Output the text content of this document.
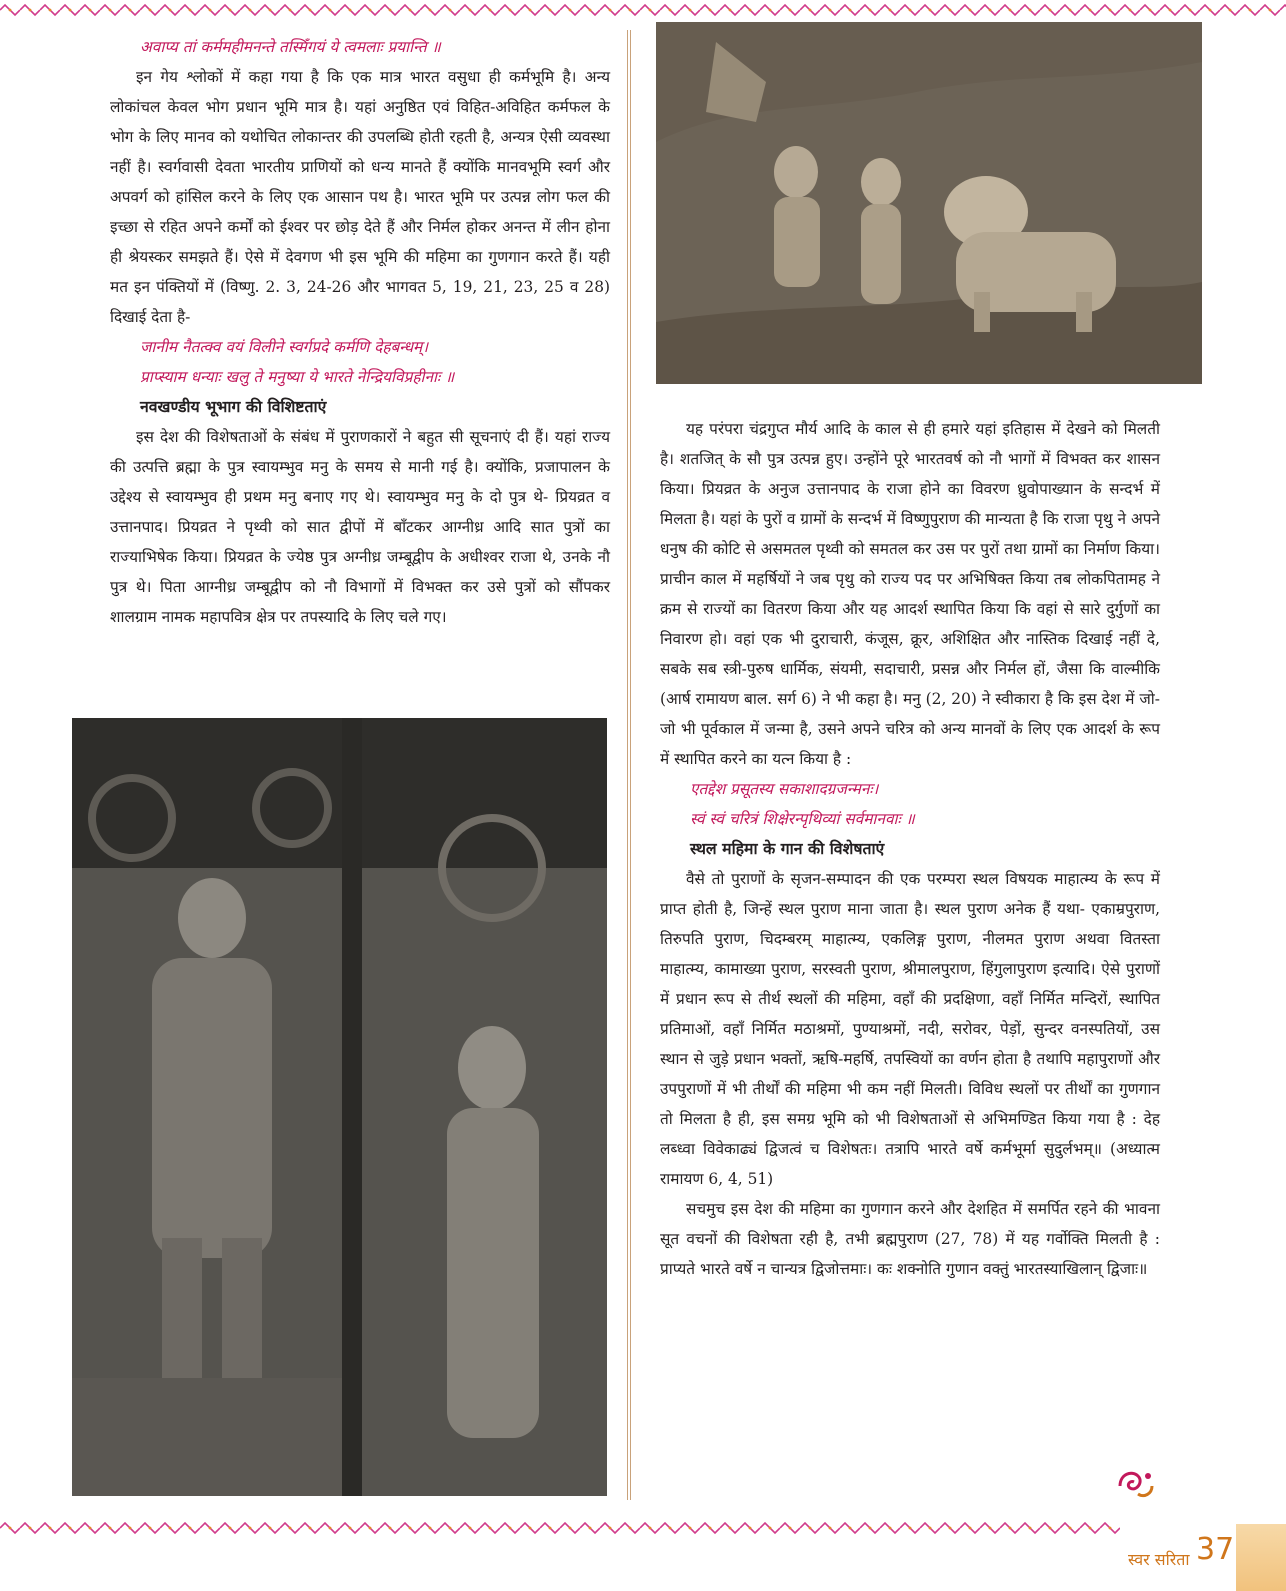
अवाप्य तां कर्ममहीमनन्ते तस्मिँगयं ये त्वमलाः प्रयान्ति ॥

इन गेय श्लोकों में कहा गया है कि एक मात्र भारत वसुधा ही कर्मभूमि है। अन्य लोकांचल केवल भोग प्रधान भूमि मात्र है। यहां अनुष्ठित एवं विहित-अविहित कर्मफल के भोग के लिए मानव को यथोचित लोकान्तर की उपलब्धि होती रहती है, अन्यत्र ऐसी व्यवस्था नहीं है। स्वर्गवासी देवता भारतीय प्राणियों को धन्य मानते हैं क्योंकि मानवभूमि स्वर्ग और अपवर्ग को हांसिल करने के लिए एक आसान पथ है। भारत भूमि पर उत्पन्न लोग फल की इच्छा से रहित अपने कर्मों को ईश्वर पर छोड़ देते हैं और निर्मल होकर अनन्त में लीन होना ही श्रेयस्कर समझते हैं। ऐसे में देवगण भी इस भूमि की महिमा का गुणगान करते हैं। यही मत इन पंक्तियों में (विष्णु. 2. 3, 24-26 और भागवत 5, 19, 21, 23, 25 व 28) दिखाई देता है-

जानीम नैतत्क्व वयं विलीने स्वर्गप्रदे कर्मणि देहबन्धम्।

प्राप्स्याम धन्याः खलु ते मनुष्या ये भारते नेन्द्रियविप्रहीनाः ॥

नवखण्डीय भूभाग की विशिष्टताएं

इस देश की विशेषताओं के संबंध में पुराणकारों ने बहुत सी सूचनाएं दी हैं। यहां राज्य की उत्पत्ति ब्रह्मा के पुत्र स्वायम्भुव मनु के समय से मानी गई है। क्योंकि, प्रजापालन के उद्देश्य से स्वायम्भुव ही प्रथम मनु बनाए गए थे। स्वायम्भुव मनु के दो पुत्र थे- प्रियव्रत व उत्तानपाद। प्रियव्रत ने पृथ्वी को सात द्वीपों में बाँटकर आग्नीध्र आदि सात पुत्रों का राज्याभिषेक किया। प्रियव्रत के ज्येष्ठ पुत्र अग्नीध्र जम्बूद्वीप के अधीश्वर राजा थे, उनके नौ पुत्र थे। पिता आग्नीध्र जम्बूद्वीप को नौ विभागों में विभक्त कर उसे पुत्रों को सौंपकर शालग्राम नामक महापवित्र क्षेत्र पर तपस्यादि के लिए चले गए।

यह परंपरा चंद्रगुप्त मौर्य आदि के काल से ही हमारे यहां इतिहास में देखने को मिलती है। शतजित् के सौ पुत्र उत्पन्न हुए। उन्होंने पूरे भारतवर्ष को नौ भागों में विभक्त कर शासन किया। प्रियव्रत के अनुज उत्तानपाद के राजा होने का विवरण ध्रुवोपाख्यान के सन्दर्भ में मिलता है। यहां के पुरों व ग्रामों के सन्दर्भ में विष्णुपुराण की मान्यता है कि राजा पृथु ने अपने धनुष की कोटि से असमतल पृथ्वी को समतल कर उस पर पुरों तथा ग्रामों का निर्माण किया। प्राचीन काल में महर्षियों ने जब पृथु को राज्य पद पर अभिषिक्त किया तब लोकपितामह ने क्रम से राज्यों का वितरण किया और यह आदर्श स्थापित किया कि वहां से सारे दुर्गुणों का निवारण हो। वहां एक भी दुराचारी, कंजूस, क्रूर, अशिक्षित और नास्तिक दिखाई नहीं दे, सबके सब स्त्री-पुरुष धार्मिक, संयमी, सदाचारी, प्रसन्न और निर्मल हों, जैसा कि वाल्मीकि (आर्ष रामायण बाल. सर्ग 6) ने भी कहा है। मनु (2, 20) ने स्वीकारा है कि इस देश में जो-जो भी पूर्वकाल में जन्मा है, उसने अपने चरित्र को अन्य मानवों के लिए एक आदर्श के रूप में स्थापित करने का यत्न किया है :

एतद्देश प्रसूतस्य सकाशादग्रजन्मनः।

स्वं स्वं चरित्रं शिक्षेरन्पृथिव्यां सर्वमानवाः ॥

स्थल महिमा के गान की विशेषताएं

वैसे तो पुराणों के सृजन-सम्पादन की एक परम्परा स्थल विषयक माहात्म्य के रूप में प्राप्त होती है, जिन्हें स्थल पुराण माना जाता है। स्थल पुराण अनेक हैं यथा- एकाम्रपुराण, तिरुपति पुराण, चिदम्बरम् माहात्म्य, एकलिङ्ग पुराण, नीलमत पुराण अथवा वितस्ता माहात्म्य, कामाख्या पुराण, सरस्वती पुराण, श्रीमालपुराण, हिंगुलापुराण इत्यादि। ऐसे पुराणों में प्रधान रूप से तीर्थ स्थलों की महिमा, वहाँ की प्रदक्षिणा, वहाँ निर्मित मन्दिरों, स्थापित प्रतिमाओं, वहाँ निर्मित मठाश्रमों, पुण्याश्रमों, नदी, सरोवर, पेड़ों, सुन्दर वनस्पतियों, उस स्थान से जुड़े प्रधान भक्तों, ऋषि-महर्षि, तपस्वियों का वर्णन होता है तथापि महापुराणों और उपपुराणों में भी तीर्थों की महिमा भी कम नहीं मिलती। विविध स्थलों पर तीर्थों का गुणगान तो मिलता है ही, इस समग्र भूमि को भी विशेषताओं से अभिमण्डित किया गया है : देह लब्ध्वा विवेकाढ्यं द्विजत्वं च विशेषतः। तत्रापि भारते वर्षे कर्मभूर्मा सुदुर्लभम्॥ (अध्यात्म रामायण 6, 4, 51)

सचमुच इस देश की महिमा का गुणगान करने और देशहित में समर्पित रहने की भावना सूत वचनों की विशेषता रही है, तभी ब्रह्मपुराण (27, 78) में यह गर्वोक्ति मिलती है : प्राप्यते भारते वर्षे न चान्यत्र द्विजोत्तमाः। कः शक्नोति गुणान वक्तुं भारतस्याखिलान् द्विजाः॥

स्वर सरिता 37
